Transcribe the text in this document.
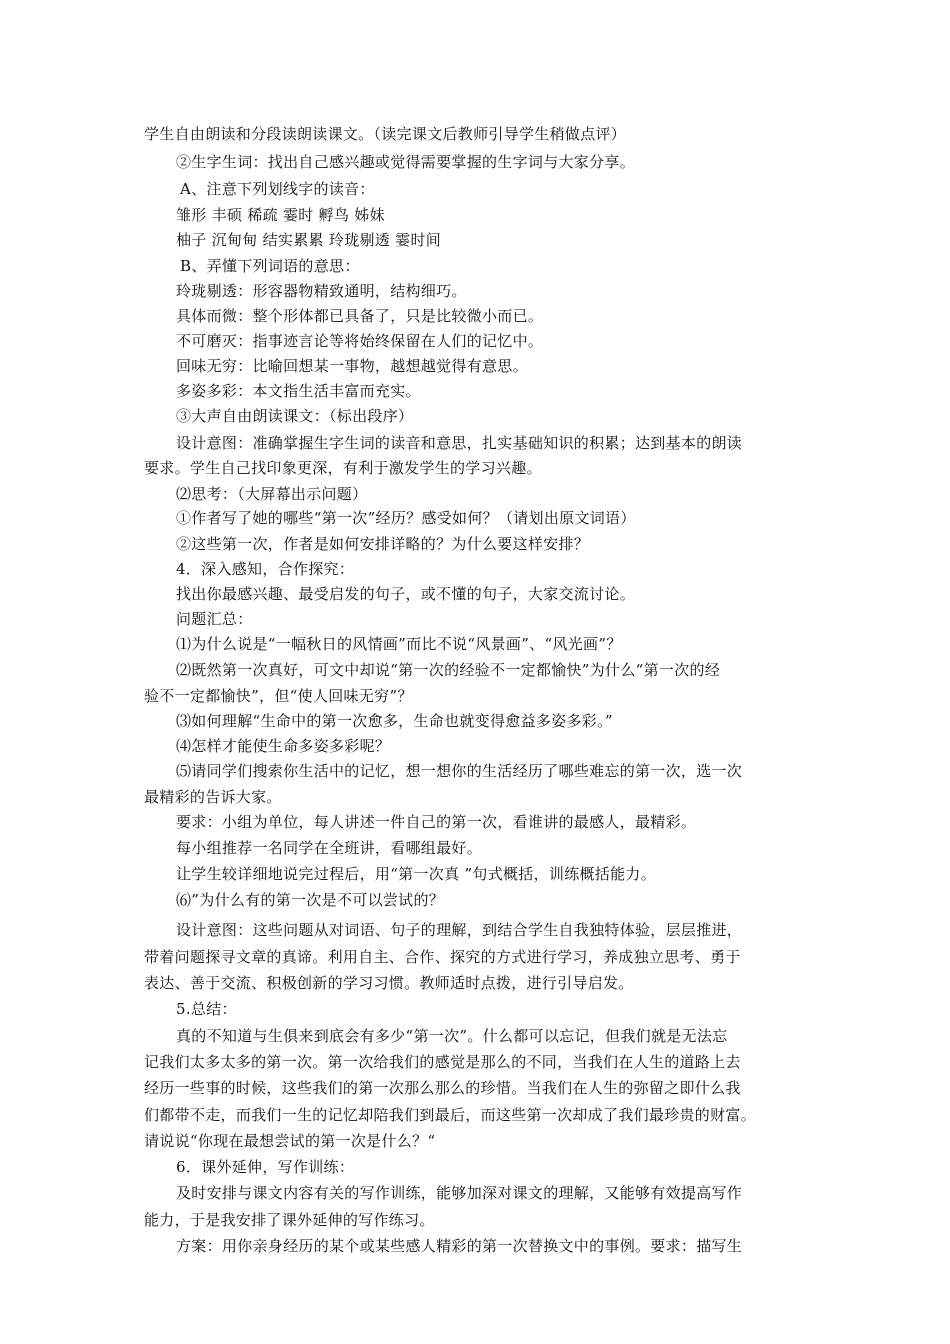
学生自由朗读和分段读朗读课文。（读完课文后教师引导学生稍做点评）
②生字生词：找出自己感兴趣或觉得需要掌握的生字词与大家分享。
A、注意下列划线字的读音：
雏形 丰硕 稀疏 霎时 孵鸟 姊妹
柚子 沉甸甸 结实累累 玲珑剔透 霎时间
B、弄懂下列词语的意思：
玲珑剔透：形容器物精致通明，结构细巧。
具体而微：整个形体都已具备了，只是比较微小而已。
不可磨灭：指事迹言论等将始终保留在人们的记忆中。
回味无穷：比喻回想某一事物，越想越觉得有意思。
多姿多彩：本文指生活丰富而充实。
③大声自由朗读课文：（标出段序）
设计意图：准确掌握生字生词的读音和意思，扎实基础知识的积累；达到基本的朗读
要求。学生自己找印象更深，有利于激发学生的学习兴趣。
⑵思考：（大屏幕出示问题）
①作者写了她的哪些“第一次”经历？感受如何？（请划出原文词语）
②这些第一次，作者是如何安排详略的？为什么要这样安排？
4．深入感知，合作探究：
找出你最感兴趣、最受启发的句子，或不懂的句子，大家交流讨论。
问题汇总：
⑴为什么说是“一幅秋日的风情画”而比不说“风景画”、“风光画”？
⑵既然第一次真好，可文中却说“第一次的经验不一定都愉快”为什么“第一次的经
验不一定都愉快”，但“使人回味无穷”？
⑶如何理解“生命中的第一次愈多，生命也就变得愈益多姿多彩。”
⑷怎样才能使生命多姿多彩呢？
⑸请同学们搜索你生活中的记忆，想一想你的生活经历了哪些难忘的第一次，选一次
最精彩的告诉大家。
要求：小组为单位，每人讲述一件自己的第一次，看谁讲的最感人，最精彩。
每小组推荐一名同学在全班讲，看哪组最好。
让学生较详细地说完过程后，用“第一次真 ”句式概括，训练概括能力。
⑹”为什么有的第一次是不可以尝试的？
设计意图：这些问题从对词语、句子的理解，到结合学生自我独特体验，层层推进，
带着问题探寻文章的真谛。利用自主、合作、探究的方式进行学习，养成独立思考、勇于
表达、善于交流、积极创新的学习习惯。教师适时点拨，进行引导启发。
5.总结：
真的不知道与生俱来到底会有多少“第一次”。什么都可以忘记，但我们就是无法忘
记我们太多太多的第一次。第一次给我们的感觉是那么的不同，当我们在人生的道路上去
经历一些事的时候，这些我们的第一次那么那么的珍惜。当我们在人生的弥留之即什么我
们都带不走，而我们一生的记忆却陪我们到最后，而这些第一次却成了我们最珍贵的财富。
请说说“你现在最想尝试的第一次是什么？“
6．课外延伸，写作训练：
及时安排与课文内容有关的写作训练，能够加深对课文的理解，又能够有效提高写作
能力，于是我安排了课外延伸的写作练习。
方案：用你亲身经历的某个或某些感人精彩的第一次替换文中的事例。要求：描写生
